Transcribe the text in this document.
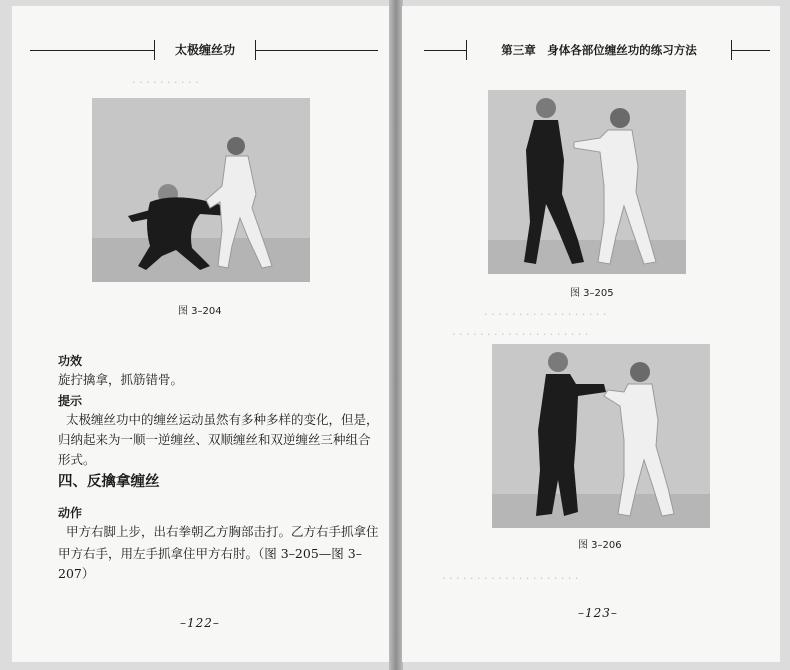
太极缠丝功
· · · · · · · · · ·
图 3–204
功效
旋拧擒拿，抓筋错骨。
提示
太极缠丝功中的缠丝运动虽然有多种多样的变化，但是，
归纳起来为一顺一逆缠丝、双顺缠丝和双逆缠丝三种组合形式。
四、反擒拿缠丝
动作
甲方右脚上步，出右拳朝乙方胸部击打。乙方右手抓拿住
甲方右手，用左手抓拿住甲方右肘。（图 3–205—图 3–207）
–122–
第三章　身体各部位缠丝功的练习方法
图 3–205
· · · · · · · · · · · · · · · · · ·
· · · · · · · · · · · · · · · · · · · ·
图 3–206
· · · · · · · · · · · · · · · · · · · ·
–123–
